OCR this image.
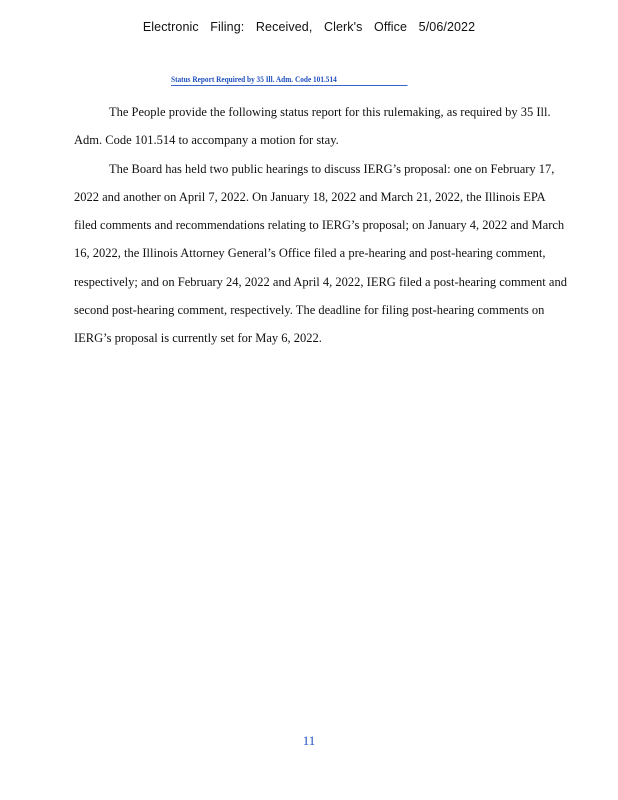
Electronic Filing: Received, Clerk's Office 5/06/2022
Status Report Required by 35 Ill. Adm. Code 101.514
The People provide the following status report for this rulemaking, as required by 35 Ill.
Adm. Code 101.514 to accompany a motion for stay.
The Board has held two public hearings to discuss IERG’s proposal: one on February 17,
2022 and another on April 7, 2022. On January 18, 2022 and March 21, 2022, the Illinois EPA
filed comments and recommendations relating to IERG’s proposal; on January 4, 2022 and March
16, 2022, the Illinois Attorney General’s Office filed a pre-hearing and post-hearing comment,
respectively; and on February 24, 2022 and April 4, 2022, IERG filed a post-hearing comment and
second post-hearing comment, respectively. The deadline for filing post-hearing comments on
IERG’s proposal is currently set for May 6, 2022.
11
